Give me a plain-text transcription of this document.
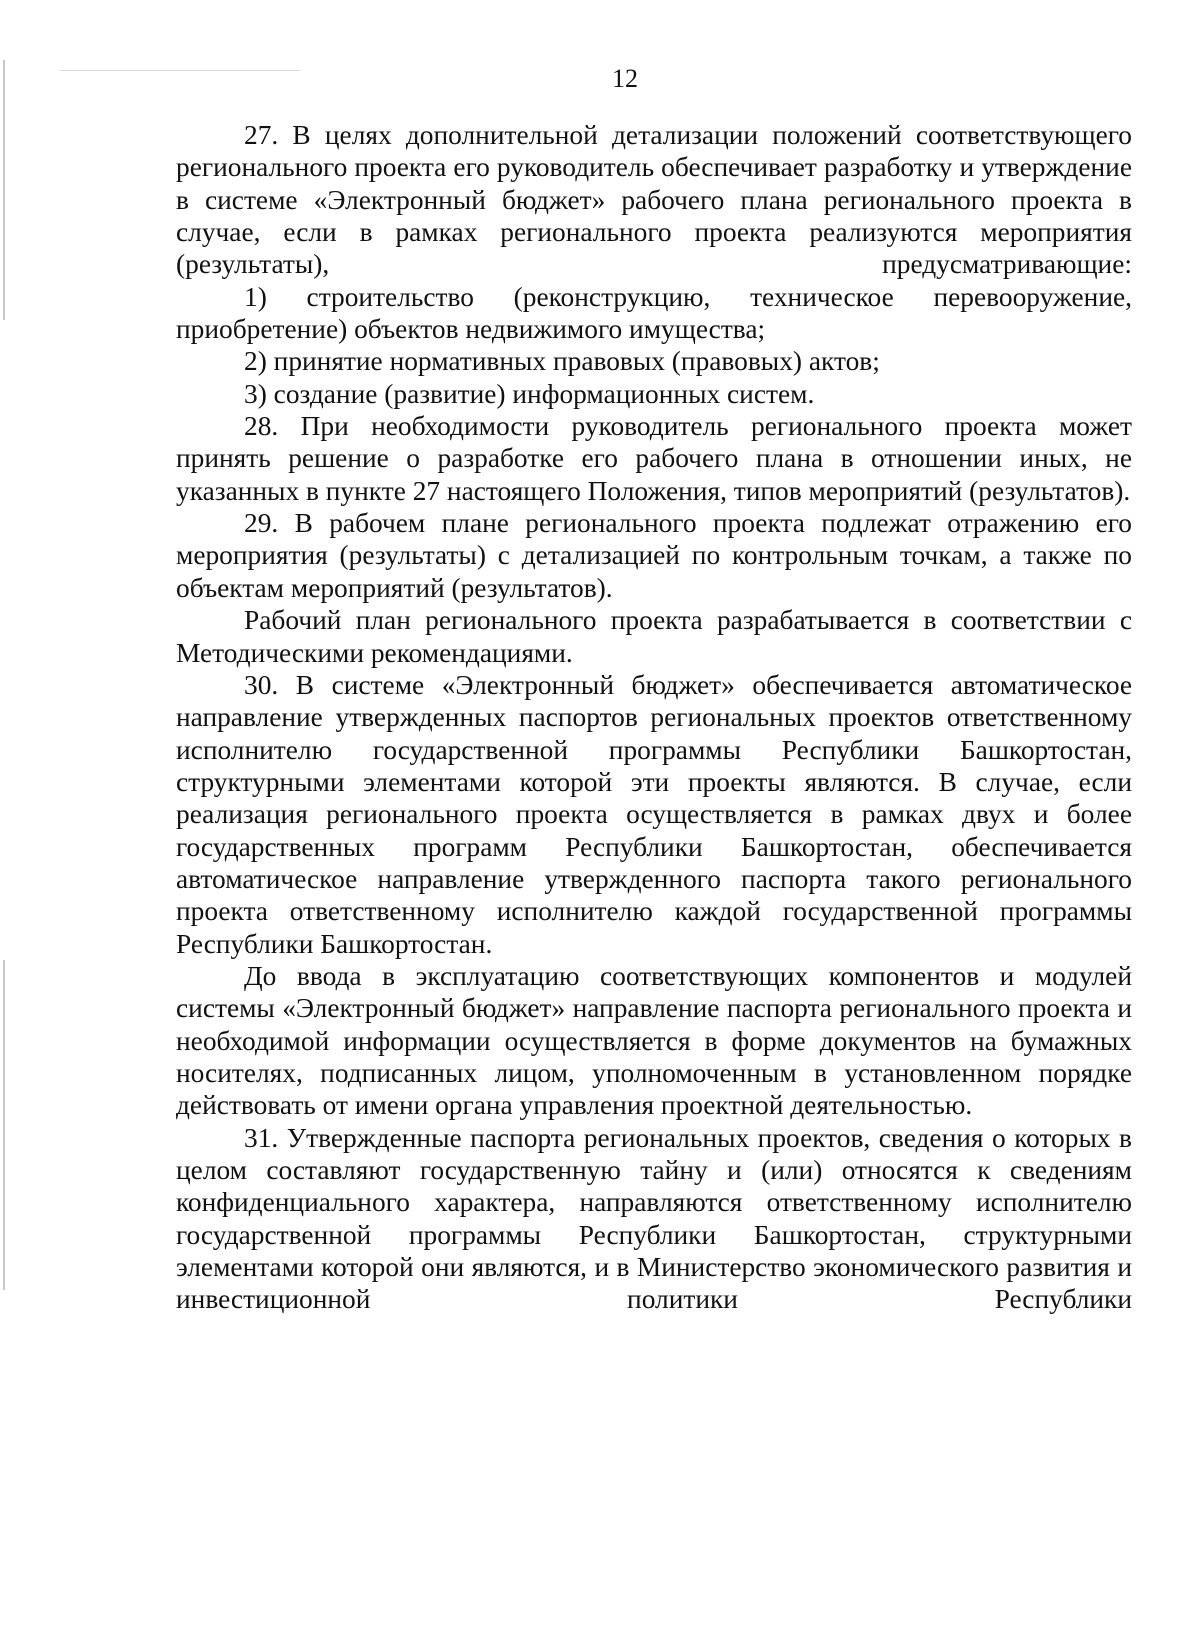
12

27. В целях дополнительной детализации положений соответствующего регионального проекта его руководитель обеспечивает разработку и утверждение в системе «Электронный бюджет» рабочего плана регионального проекта в случае, если в рамках регионального проекта реализуются мероприятия (результаты), предусматривающие:

1) строительство (реконструкцию, техническое перевооружение, приобретение) объектов недвижимого имущества;

2) принятие нормативных правовых (правовых) актов;

3) создание (развитие) информационных систем.

28. При необходимости руководитель регионального проекта может принять решение о разработке его рабочего плана в отношении иных, не указанных в пункте 27 настоящего Положения, типов мероприятий (результатов).

29. В рабочем плане регионального проекта подлежат отражению его мероприятия (результаты) с детализацией по контрольным точкам, а также по объектам мероприятий (результатов).

Рабочий план регионального проекта разрабатывается в соответствии с Методическими рекомендациями.

30. В системе «Электронный бюджет» обеспечивается автоматическое направление утвержденных паспортов региональных проектов ответственному исполнителю государственной программы Республики Башкортостан, структурными элементами которой эти проекты являются. В случае, если реализация регионального проекта осуществляется в рамках двух и более государственных программ Республики Башкортостан, обеспечивается автоматическое направление утвержденного паспорта такого регионального проекта ответственному исполнителю каждой государственной программы Республики Башкортостан.

До ввода в эксплуатацию соответствующих компонентов и модулей системы «Электронный бюджет» направление паспорта регионального проекта и необходимой информации осуществляется в форме документов на бумажных носителях, подписанных лицом, уполномоченным в установленном порядке действовать от имени органа управления проектной деятельностью.

31. Утвержденные паспорта региональных проектов, сведения о которых в целом составляют государственную тайну и (или) относятся к сведениям конфиденциального характера, направляются ответственному исполнителю государственной программы Республики Башкортостан, структурными элементами которой они являются, и в Министерство экономического развития и инвестиционной политики Республики
